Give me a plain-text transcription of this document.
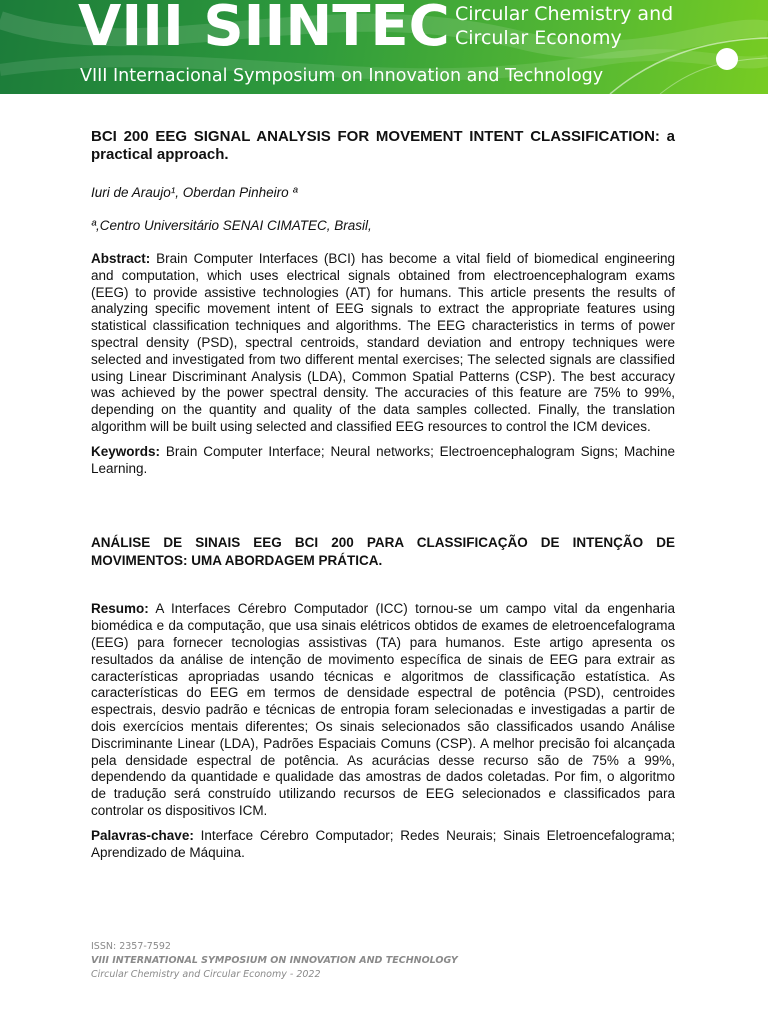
VIII SIINTEC Circular Chemistry and
Circular Economy
VIII Internacional Symposium on Innovation and Technology
BCI 200 EEG SIGNAL ANALYSIS FOR MOVEMENT INTENT CLASSIFICATION: a practical approach.
Iuri de Araujo¹, Oberdan Pinheiro ª
ª,Centro Universitário SENAI CIMATEC, Brasil,
Abstract: Brain Computer Interfaces (BCI) has become a vital field of biomedical engineering and computation, which uses electrical signals obtained from electroencephalogram exams (EEG) to provide assistive technologies (AT) for humans. This article presents the results of analyzing specific movement intent of EEG signals to extract the appropriate features using statistical classification techniques and algorithms. The EEG characteristics in terms of power spectral density (PSD), spectral centroids, standard deviation and entropy techniques were selected and investigated from two different mental exercises; The selected signals are classified using Linear Discriminant Analysis (LDA), Common Spatial Patterns (CSP). The best accuracy was achieved by the power spectral density. The accuracies of this feature are 75% to 99%, depending on the quantity and quality of the data samples collected. Finally, the translation algorithm will be built using selected and classified EEG resources to control the ICM devices.
Keywords: Brain Computer Interface; Neural networks; Electroencephalogram Signs; Machine Learning.
ANÁLISE DE SINAIS EEG BCI 200 PARA CLASSIFICAÇÃO DE INTENÇÃO DE MOVIMENTOS: UMA ABORDAGEM PRÁTICA.
Resumo: A Interfaces Cérebro Computador (ICC) tornou-se um campo vital da engenharia biomédica e da computação, que usa sinais elétricos obtidos de exames de eletroencefalograma (EEG) para fornecer tecnologias assistivas (TA) para humanos. Este artigo apresenta os resultados da análise de intenção de movimento específica de sinais de EEG para extrair as características apropriadas usando técnicas e algoritmos de classificação estatística. As características do EEG em termos de densidade espectral de potência (PSD), centroides espectrais, desvio padrão e técnicas de entropia foram selecionadas e investigadas a partir de dois exercícios mentais diferentes; Os sinais selecionados são classificados usando Análise Discriminante Linear (LDA), Padrões Espaciais Comuns (CSP). A melhor precisão foi alcançada pela densidade espectral de potência. As acurácias desse recurso são de 75% a 99%, dependendo da quantidade e qualidade das amostras de dados coletadas. Por fim, o algoritmo de tradução será construído utilizando recursos de EEG selecionados e classificados para controlar os dispositivos ICM.
Palavras-chave: Interface Cérebro Computador; Redes Neurais; Sinais Eletroencefalograma; Aprendizado de Máquina.
ISSN: 2357-7592
VIII INTERNATIONAL SYMPOSIUM ON INNOVATION AND TECHNOLOGY
Circular Chemistry and Circular Economy - 2022
